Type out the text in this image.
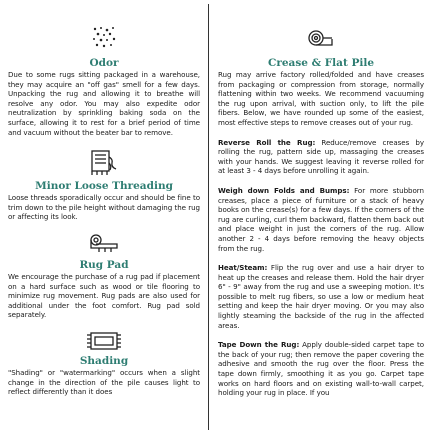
Odor

Due to some rugs sitting packaged in a warehouse, they may acquire an "off gas" smell for a few days. Unpacking the rug and allowing it to breathe will resolve any odor. You may also expedite odor neutralization by sprinkling baking soda on the surface, allowing it to rest for a brief period of time and vacuum without the beater bar to remove.

Minor Loose Threading

Loose threads sporadically occur and should be fine to trim down to the pile height without damaging the rug or affecting its look.

Rug Pad

We encourage the purchase of a rug pad if placement on a hard surface such as wood or tile flooring to minimize rug movement. Rug pads are also used for additional under the foot comfort. Rug pad sold separately.

Shading

"Shading" or "watermarking" occurs when a slight change in the direction of the pile causes light to reflect differently than it does

Crease & Flat Pile

Rug may arrive factory rolled/folded and have creases from packaging or compression from storage, normally flattening within two weeks. We recommend vacuuming the rug upon arrival, with suction only, to lift the pile fibers. Below, we have rounded up some of the easiest, most effective steps to remove creases out of your rug.

Reverse Roll the Rug: Reduce/remove creases by rolling the rug, pattern side up, massaging the creases with your hands. We suggest leaving it reverse rolled for at least 3 - 4 days before unrolling it again.

Weigh down Folds and Bumps: For more stubborn creases, place a piece of furniture or a stack of heavy books on the crease(s) for a few days. If the corners of the rug are curling, curl them backward, flatten them back out and place weight in just the corners of the rug. Allow another 2 - 4 days before removing the heavy objects from the rug.

Heat/Steam: Flip the rug over and use a hair dryer to heat up the creases and release them. Hold the hair dryer 6" - 9" away from the rug and use a sweeping motion. It's possible to melt rug fibers, so use a low or medium heat setting and keep the hair dryer moving. Or you may also lightly steaming the backside of the rug in the affected areas.

Tape Down the Rug: Apply double-sided carpet tape to the back of your rug; then remove the paper covering the adhesive and smooth the rug over the floor. Press the tape down firmly, smoothing it as you go. Carpet tape works on hard floors and on existing wall-to-wall carpet, holding your rug in place. If you
